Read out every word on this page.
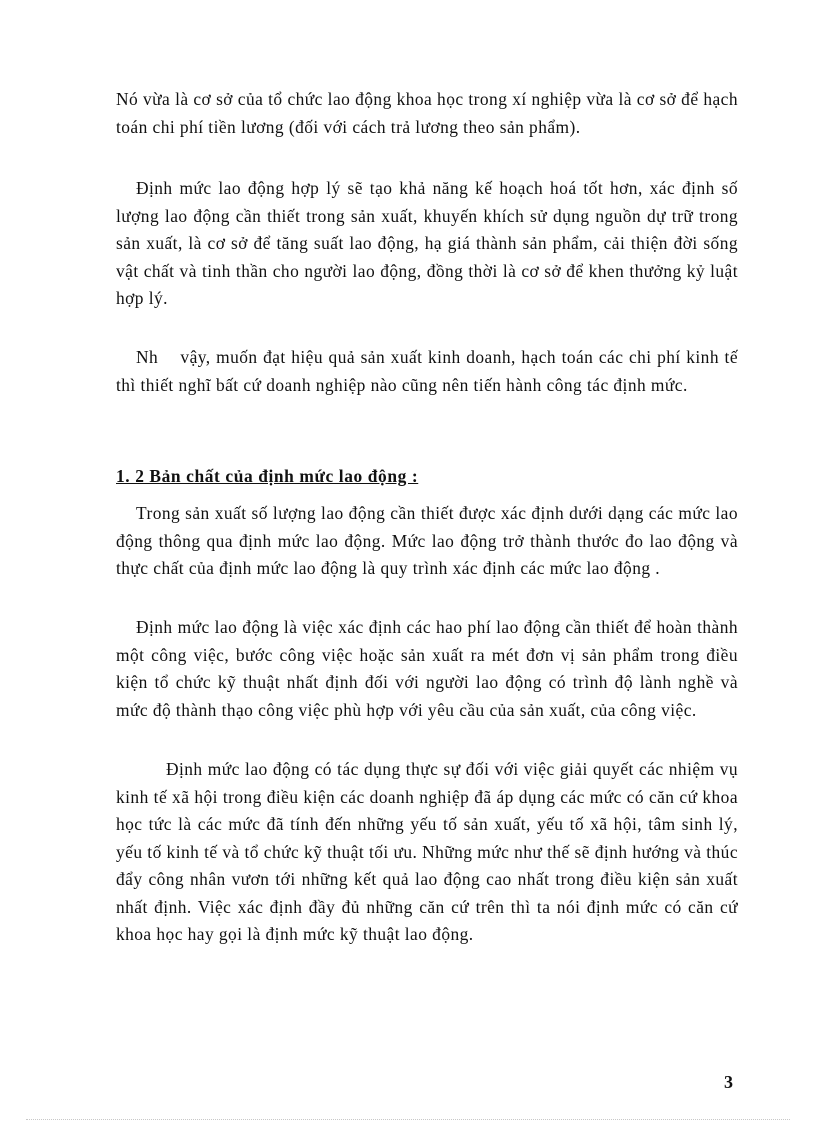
Nó vừa là cơ sở của tổ chức lao động khoa học trong xí nghiệp vừa là cơ sở để hạch toán chi phí tiền lương (đối với cách trả lương theo sản phẩm).

Định mức lao động hợp lý sẽ tạo khả năng kế hoạch hoá tốt hơn, xác định số lượng lao động cần thiết trong sản xuất, khuyến khích sử dụng nguồn dự trữ trong sản xuất, là cơ sở để tăng suất lao động, hạ giá thành sản phẩm, cải thiện đời sống vật chất và tinh thần cho người lao động, đồng thời là cơ sở để khen thưởng kỷ luật hợp lý.

Nh    vậy, muốn đạt hiệu quả sản xuất kinh doanh, hạch toán các chi phí kinh tế thì thiết nghĩ bất cứ doanh nghiệp nào cũng nên tiến hành công tác định mức.

1. 2 Bản chất của định mức lao động :

Trong sản xuất số lượng lao động cần thiết được xác định dưới dạng các mức lao động thông qua định mức lao động. Mức lao động trở thành thước đo lao động và thực chất của định mức lao động là quy trình xác định các mức lao động .

Định mức lao động là việc xác định các hao phí lao động cần thiết để hoàn thành một công việc, bước công việc hoặc sản xuất ra mét đơn vị sản phẩm trong điều kiện tổ chức kỹ thuật nhất định đối với người lao động có trình độ lành nghề và mức độ thành thạo công việc phù hợp với yêu cầu của sản xuất, của công việc.

Định mức lao động có tác dụng thực sự đối với việc giải quyết các nhiệm vụ kinh tế xã hội trong điều kiện các doanh nghiệp đã áp dụng các mức có căn cứ khoa học tức là các mức đã tính đến những yếu tố sản xuất, yếu tố xã hội, tâm sinh lý, yếu tố kinh tế và tổ chức kỹ thuật tối ưu. Những mức như thế sẽ định hướng và thúc đẩy công nhân vươn tới những kết quả lao động cao nhất trong điều kiện sản xuất nhất định. Việc xác định đầy đủ những căn cứ trên thì ta nói định mức có căn cứ khoa học hay gọi là định mức kỹ thuật lao động.

3
